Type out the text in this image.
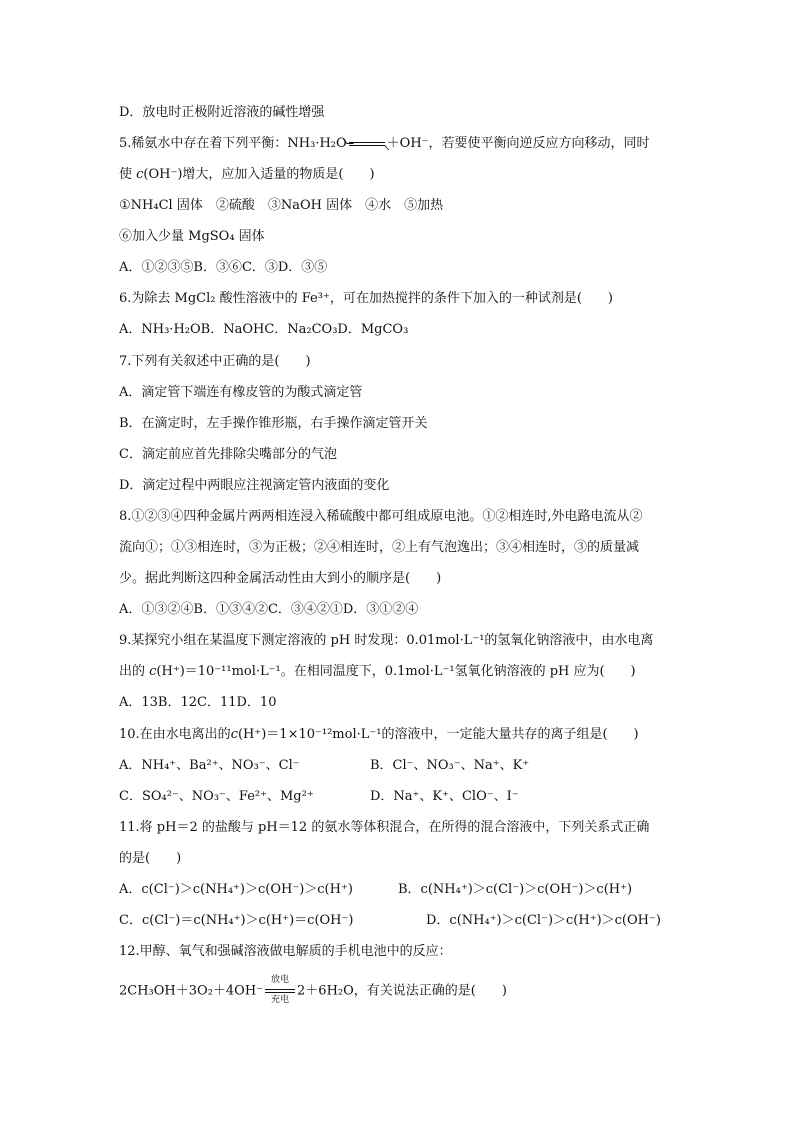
D．放电时正极附近溶液的碱性增强
5.稀氨水中存在着下列平衡：NH₃·H₂O	＋OH⁻，若要使平衡向逆反应方向移动，同时
使 c(OH⁻)增大，应加入适量的物质是(　　)
①NH₄Cl 固体　②硫酸　③NaOH 固体　④水　⑤加热
⑥加入少量 MgSO₄ 固体
A．①②③⑤B．③⑥C．③D．③⑤
6.为除去 MgCl₂ 酸性溶液中的 Fe³⁺，可在加热搅拌的条件下加入的一种试剂是(　　)
A．NH₃·H₂OB．NaOHC．Na₂CO₃D．MgCO₃
7.下列有关叙述中正确的是(　　)
A．滴定管下端连有橡皮管的为酸式滴定管
B．在滴定时，左手操作锥形瓶，右手操作滴定管开关
C．滴定前应首先排除尖嘴部分的气泡
D．滴定过程中两眼应注视滴定管内液面的变化
8.①②③④四种金属片两两相连浸入稀硫酸中都可组成原电池。①②相连时,外电路电流从②
流向①；①③相连时，③为正极；②④相连时，②上有气泡逸出；③④相连时，③的质量减
少。据此判断这四种金属活动性由大到小的顺序是(　　)
A．①③②④B．①③④②C．③④②①D．③①②④
9.某探究小组在某温度下测定溶液的 pH 时发现：0.01mol·L⁻¹的氢氧化钠溶液中，由水电离
出的 c(H⁺)＝10⁻¹¹mol·L⁻¹。在相同温度下，0.1mol·L⁻¹氢氧化钠溶液的 pH 应为(　　)
A．13B．12C．11D．10
10.在由水电离出的c(H⁺)＝1×10⁻¹²mol·L⁻¹的溶液中，一定能大量共存的离子组是(　　)
A．NH₄⁺、Ba²⁺、NO₃⁻、Cl⁻	B．Cl⁻、NO₃⁻、Na⁺、K⁺
C．SO₄²⁻、NO₃⁻、Fe²⁺、Mg²⁺	D．Na⁺、K⁺、ClO⁻、I⁻
11.将 pH＝2 的盐酸与 pH＝12 的氨水等体积混合，在所得的混合溶液中，下列关系式正确
的是(　　)
A．c(Cl⁻)＞c(NH₄⁺)＞c(OH⁻)＞c(H⁺)	B．c(NH₄⁺)＞c(Cl⁻)＞c(OH⁻)＞c(H⁺)
C．c(Cl⁻)＝c(NH₄⁺)＞c(H⁺)＝c(OH⁻)	D．c(NH₄⁺)＞c(Cl⁻)＞c(H⁺)＞c(OH⁻)
12.甲醇、氧气和强碱溶液做电解质的手机电池中的反应：
2CH₃OH＋3O₂＋4OH⁻
放电
充电
2＋6H₂O，有关说法正确的是(　　)
